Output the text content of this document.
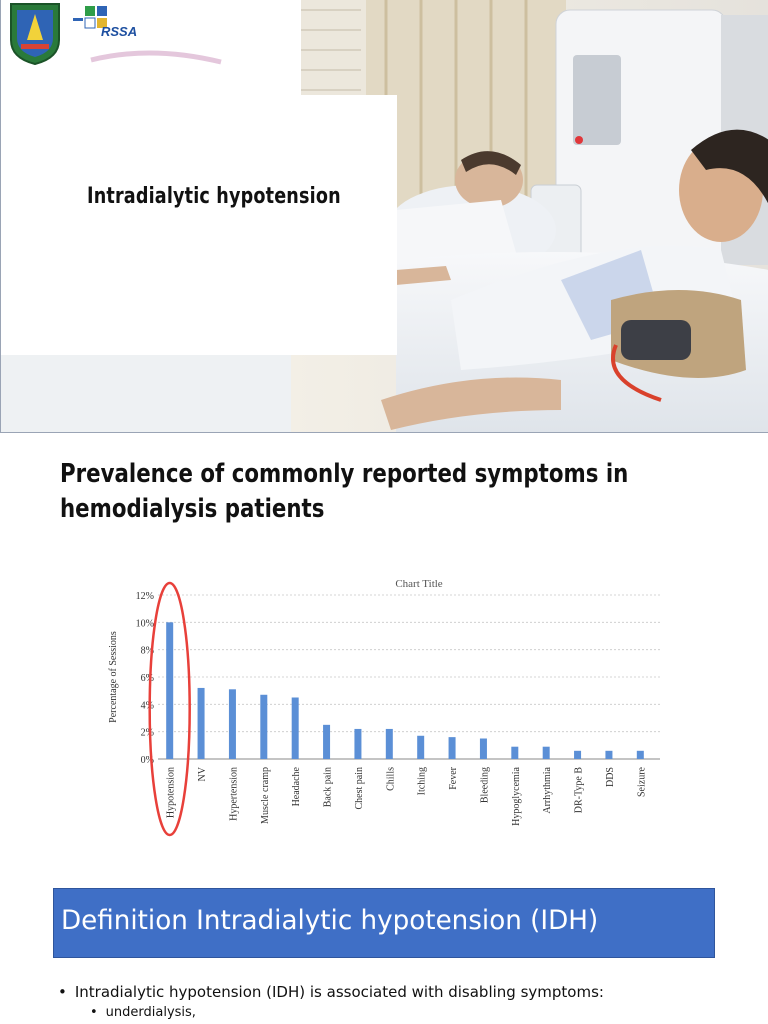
RSSA
Intradialytic hypotension
Prevalence of commonly reported symptoms in
hemodialysis patients
Chart Title
0%
2%
4%
6%
8%
10%
12%
Percentage of Sessions
Hypotension NV Hypertension Muscle cramp Headache Back pain Chest pain Chills Itching Fever Bleeding Hypoglycemia Arrhythmia DR-Type B DDS Seizure
Definition Intradialytic hypotension (IDH)
• Intradialytic hypotension (IDH) is associated with disabling symptoms:
• underdialysis,
